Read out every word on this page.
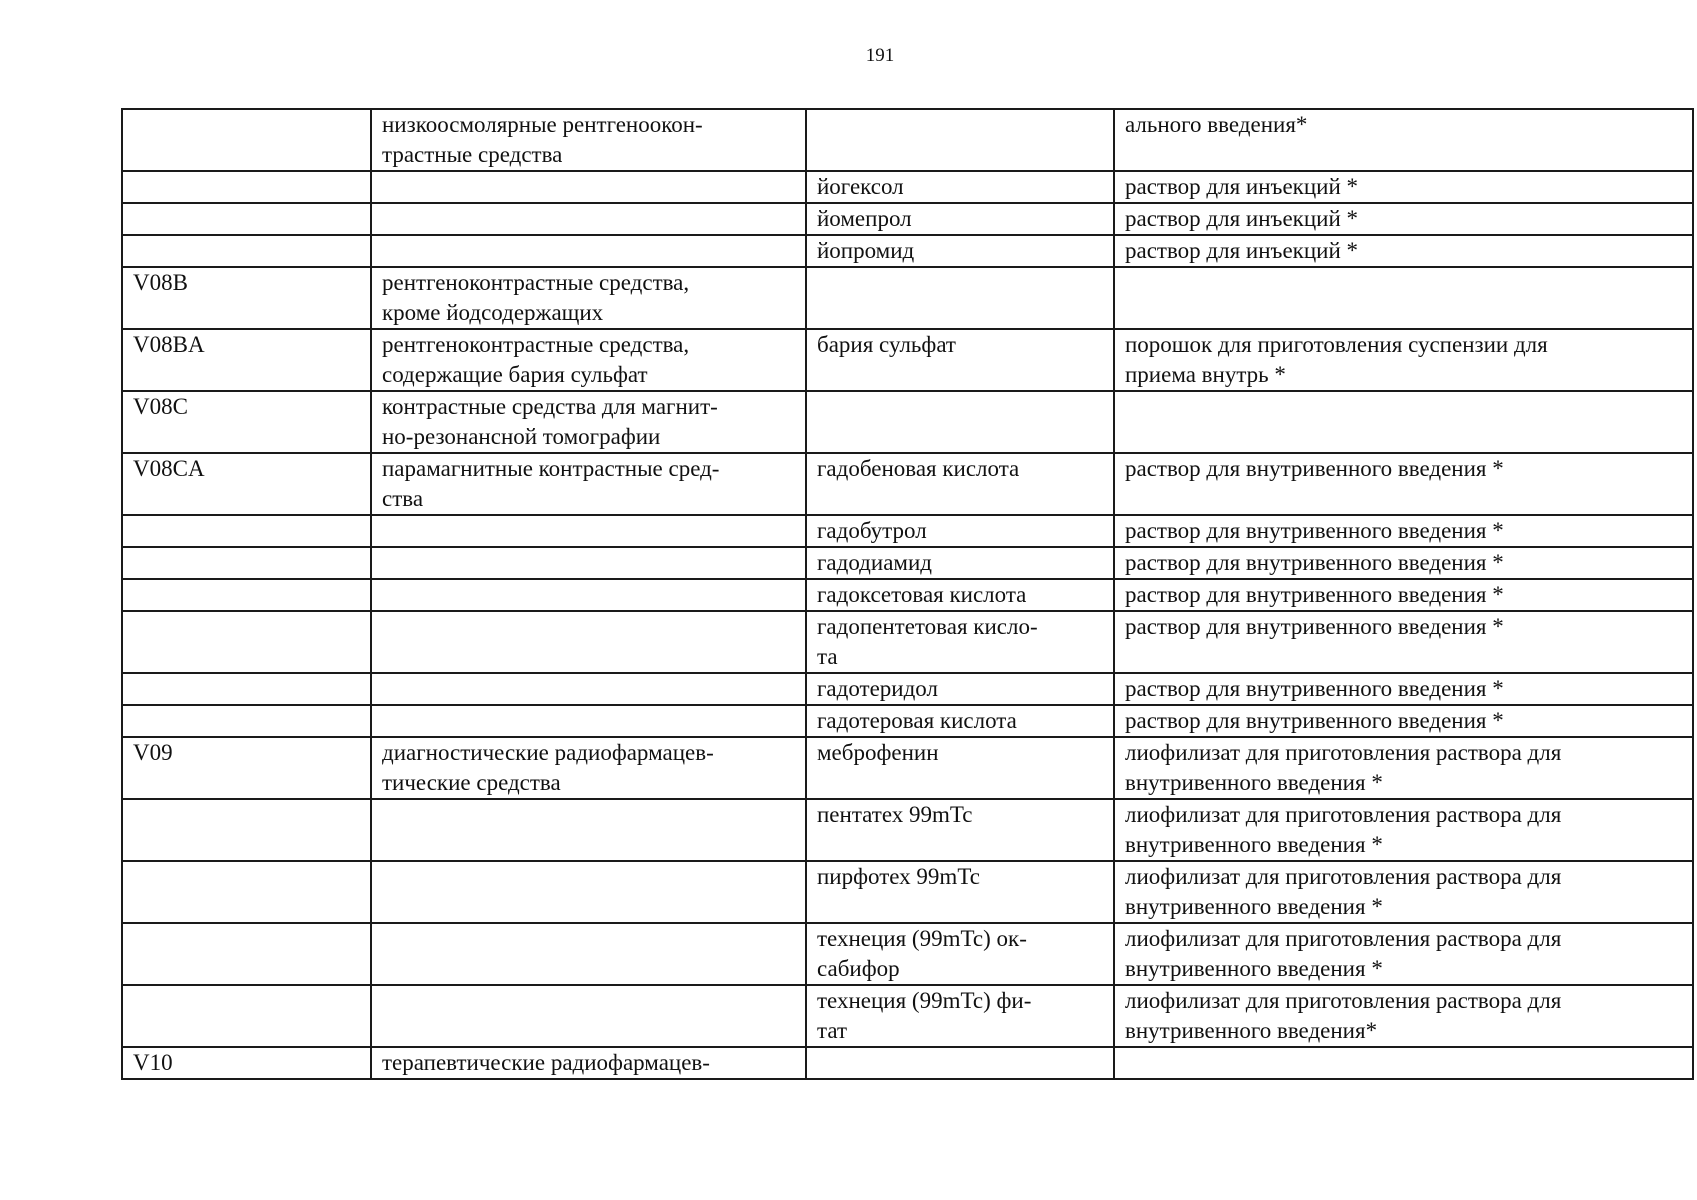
191

	низкоосмолярные рентгеноокон-
трастные средства		ального введения*

		йогексол	раствор для инъекций *

		йомепрол	раствор для инъекций *

		йопромид	раствор для инъекций *

V08B	рентгеноконтрастные средства,
кроме йодсодержащих		

V08BA	рентгеноконтрастные средства,
содержащие бария сульфат	бария сульфат	порошок для приготовления суспензии для
приема внутрь *

V08C	контрастные средства для магнит-
но-резонансной томографии		

V08CA	парамагнитные контрастные сред-
ства	гадобеновая кислота	раствор для внутривенного введения *

		гадобутрол	раствор для внутривенного введения *

		гадодиамид	раствор для внутривенного введения *

		гадоксетовая кислота	раствор для внутривенного введения *

		гадопентетовая кисло-
та	раствор для внутривенного введения *

		гадотеридол	раствор для внутривенного введения *

		гадотеровая кислота	раствор для внутривенного введения *

V09	диагностические радиофармацев-
тические средства	меброфенин	лиофилизат для приготовления раствора для
внутривенного введения *

		пентатех 99mTc	лиофилизат для приготовления раствора для
внутривенного введения *

		пирфотех 99mTc	лиофилизат для приготовления раствора для
внутривенного введения *

		технеция (99mTc) ок-
сабифор	лиофилизат для приготовления раствора для
внутривенного введения *

		технеция (99mTc) фи-
тат	лиофилизат для приготовления раствора для
внутривенного введения*

V10	терапевтические радиофармацев-		
